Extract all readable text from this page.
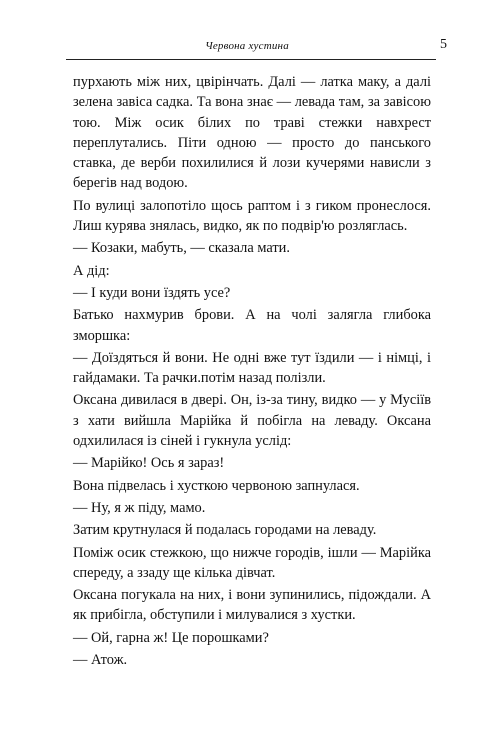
Червона хустина	5

пурхають між них, цвірінчать. Далі — латка маку, а далі зелена завіса садка. Та вона знає — левада там, за завісою тою. Між осик білих по траві стежки навхрест переплутались. Піти одною — просто до панського ставка, де верби похилилися й лози кучерями нависли з берегів над водою.

По вулиці залопотіло щось раптом і з гиком пронеслося. Лиш курява знялась, видко, як по подвір'ю розляглась.

— Козаки, мабуть, — сказала мати.

А дід:

— І куди вони їздять усе?

Батько нахмурив брови. А на чолі залягла глибока зморшка:

— Доїздяться й вони. Не одні вже тут їздили — і німці, і гайдамаки. Та рачки.потім назад полізли.

Оксана дивилася в двері. Он, із-за тину, видко — у Мусіїв з хати вийшла Марійка й побігла на леваду. Оксана одхилилася із сіней і гукнула услід:

— Марійко! Ось я зараз!

Вона підвелась і хусткою червоною запнулася.

— Ну, я ж піду, мамо.

Затим крутнулася й подалась городами на леваду.

Поміж осик стежкою, що нижче городів, ішли — Марійка спереду, а ззаду ще кілька дівчат.

Оксана погукала на них, і вони зупинились, підождали. А як прибігла, обступили і милувалися з хустки.

— Ой, гарна ж! Це порошками?

— Атож.
